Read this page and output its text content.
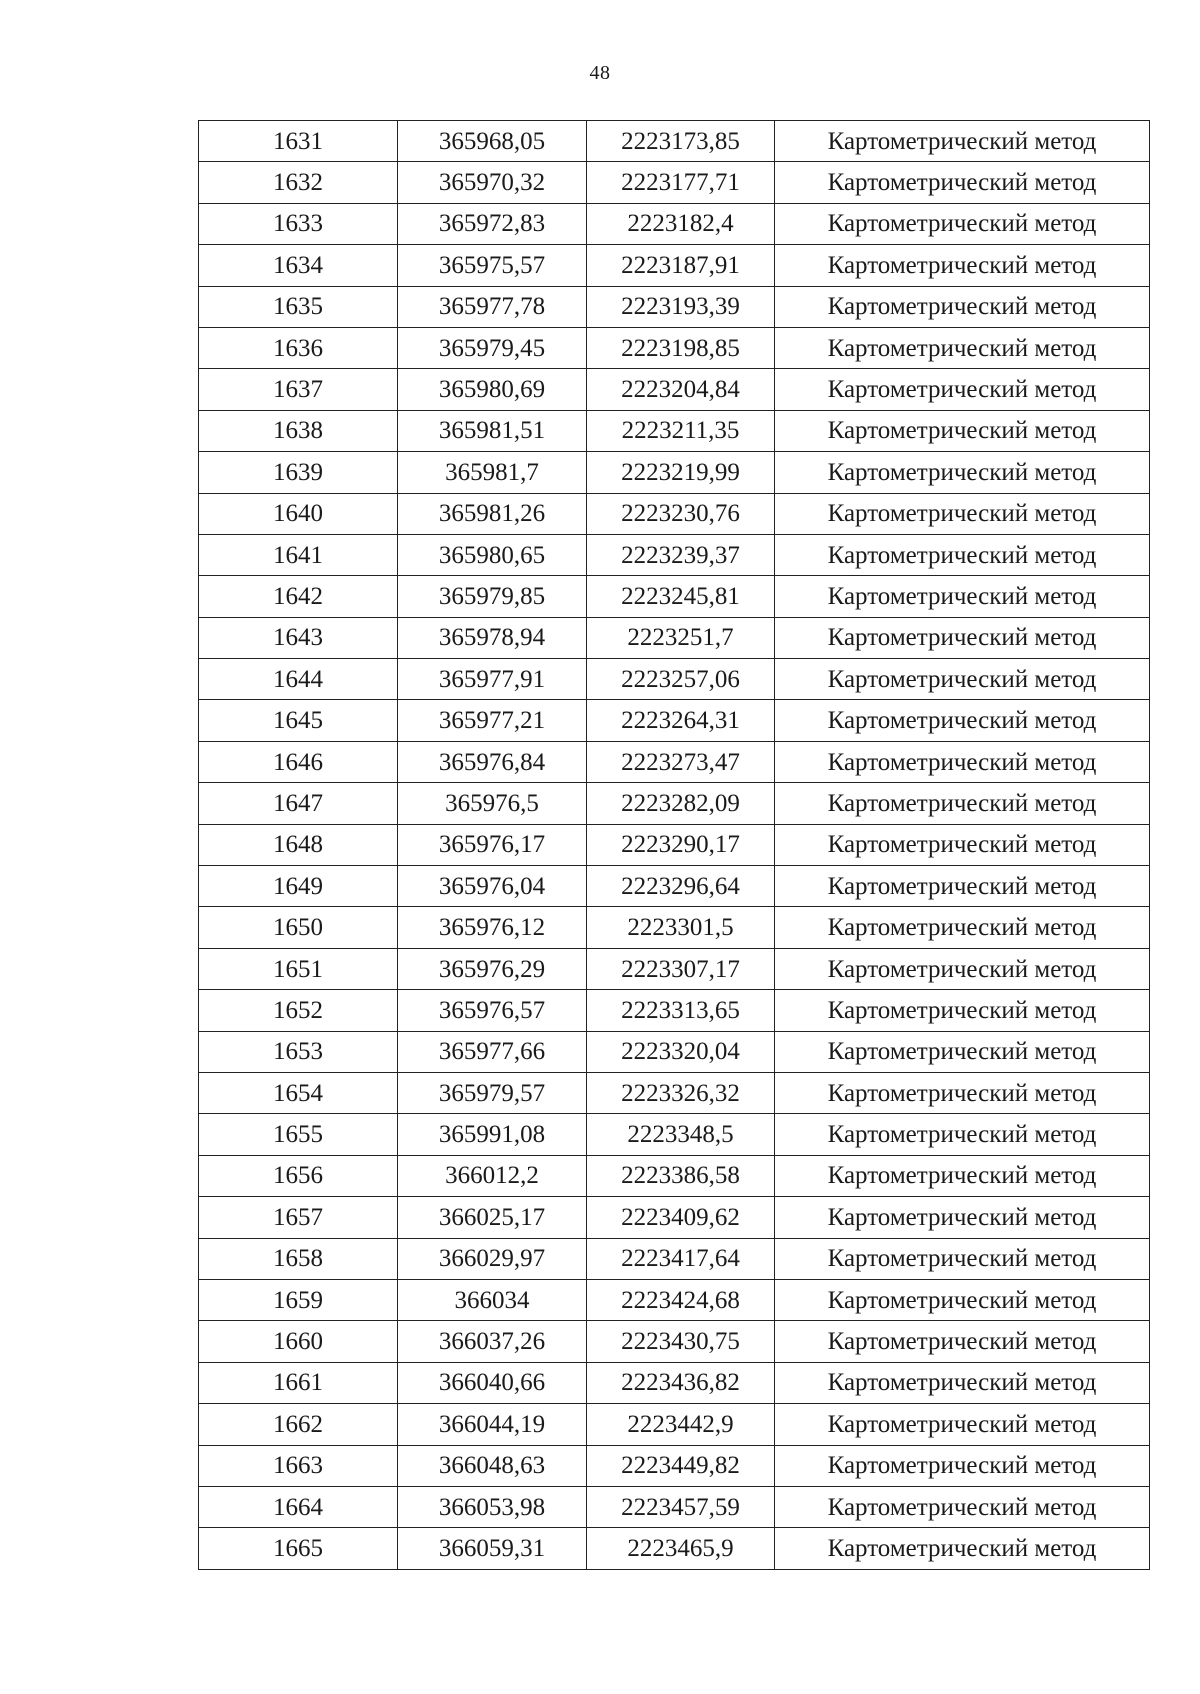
48
1631	365968,05	2223173,85	Картометрический метод
1632	365970,32	2223177,71	Картометрический метод
1633	365972,83	2223182,4	Картометрический метод
1634	365975,57	2223187,91	Картометрический метод
1635	365977,78	2223193,39	Картометрический метод
1636	365979,45	2223198,85	Картометрический метод
1637	365980,69	2223204,84	Картометрический метод
1638	365981,51	2223211,35	Картометрический метод
1639	365981,7	2223219,99	Картометрический метод
1640	365981,26	2223230,76	Картометрический метод
1641	365980,65	2223239,37	Картометрический метод
1642	365979,85	2223245,81	Картометрический метод
1643	365978,94	2223251,7	Картометрический метод
1644	365977,91	2223257,06	Картометрический метод
1645	365977,21	2223264,31	Картометрический метод
1646	365976,84	2223273,47	Картометрический метод
1647	365976,5	2223282,09	Картометрический метод
1648	365976,17	2223290,17	Картометрический метод
1649	365976,04	2223296,64	Картометрический метод
1650	365976,12	2223301,5	Картометрический метод
1651	365976,29	2223307,17	Картометрический метод
1652	365976,57	2223313,65	Картометрический метод
1653	365977,66	2223320,04	Картометрический метод
1654	365979,57	2223326,32	Картометрический метод
1655	365991,08	2223348,5	Картометрический метод
1656	366012,2	2223386,58	Картометрический метод
1657	366025,17	2223409,62	Картометрический метод
1658	366029,97	2223417,64	Картометрический метод
1659	366034	2223424,68	Картометрический метод
1660	366037,26	2223430,75	Картометрический метод
1661	366040,66	2223436,82	Картометрический метод
1662	366044,19	2223442,9	Картометрический метод
1663	366048,63	2223449,82	Картометрический метод
1664	366053,98	2223457,59	Картометрический метод
1665	366059,31	2223465,9	Картометрический метод
